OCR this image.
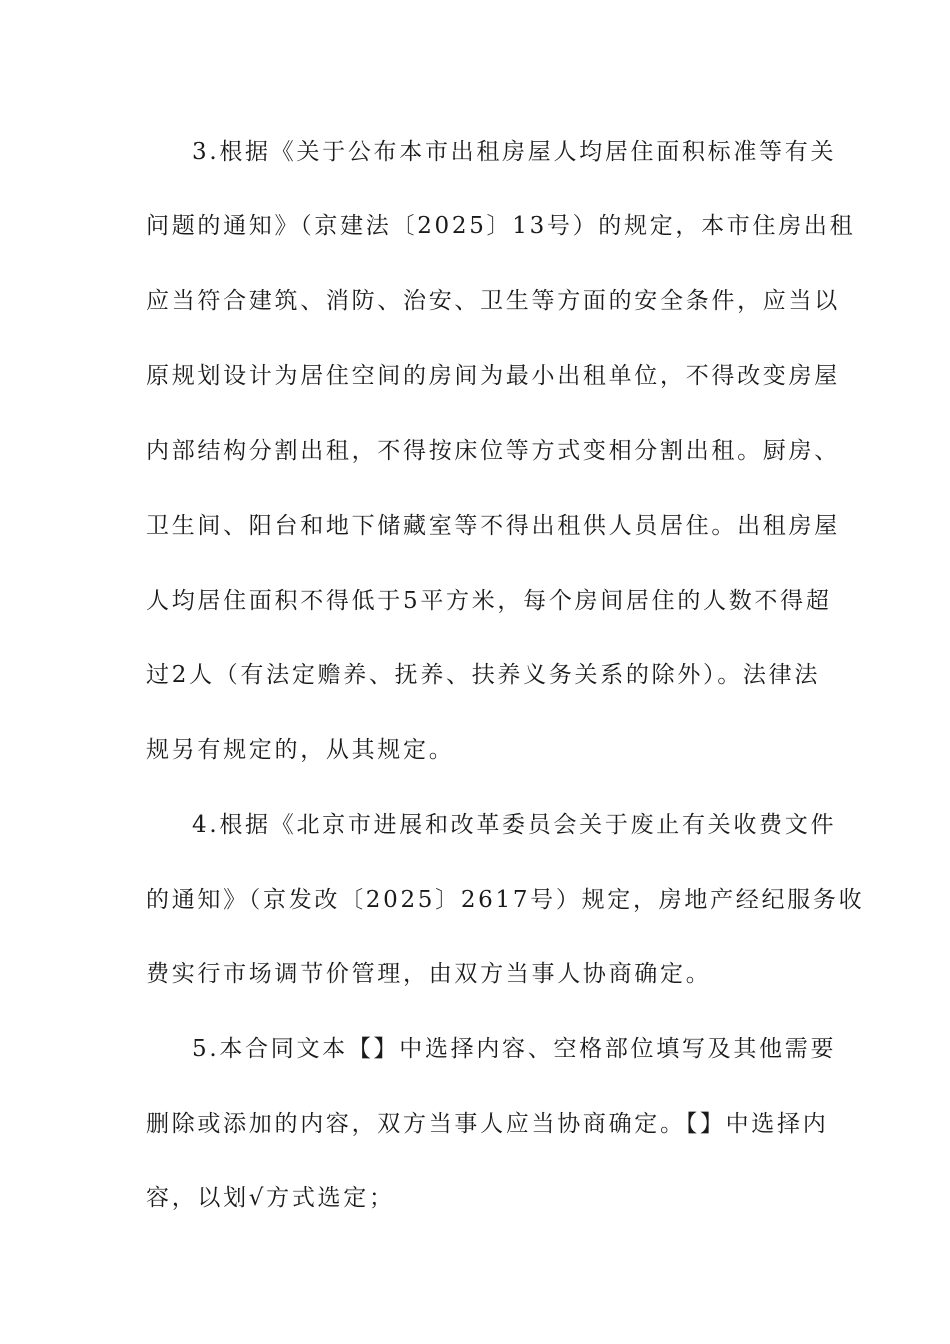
3.根据《关于公布本市出租房屋人均居住面积标准等有关
问题的通知》（京建法〔2025〕13号）的规定，本市住房出租
应当符合建筑、消防、治安、卫生等方面的安全条件，应当以
原规划设计为居住空间的房间为最小出租单位，不得改变房屋
内部结构分割出租，不得按床位等方式变相分割出租。厨房、
卫生间、阳台和地下储藏室等不得出租供人员居住。出租房屋
人均居住面积不得低于5平方米，每个房间居住的人数不得超
过2人（有法定赡养、抚养、扶养义务关系的除外）。法律法
规另有规定的，从其规定。
4.根据《北京市进展和改革委员会关于废止有关收费文件
的通知》（京发改〔2025〕2617号）规定，房地产经纪服务收
费实行市场调节价管理，由双方当事人协商确定。
5.本合同文本【】中选择内容、空格部位填写及其他需要
删除或添加的内容，双方当事人应当协商确定。【】中选择内
容，以划√方式选定；
